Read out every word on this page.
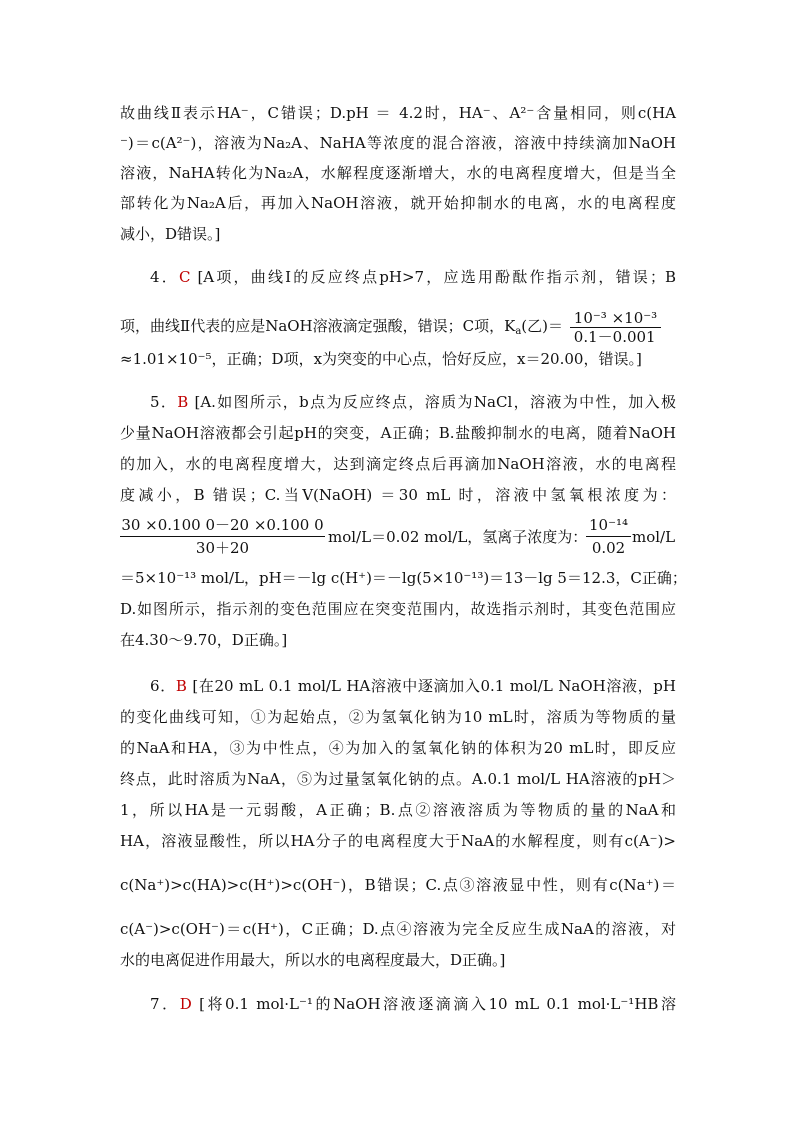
故曲线Ⅱ表示HA⁻，C错误；D.pH ＝ 4.2时，HA⁻、A²⁻含量相同，则c(HA
⁻)＝c(A²⁻)，溶液为Na₂A、NaHA等浓度的混合溶液，溶液中持续滴加NaOH
溶液，NaHA转化为Na₂A，水解程度逐渐增大，水的电离程度增大，但是当全
部转化为Na₂A后，再加入NaOH溶液，就开始抑制水的电离，水的电离程度
减小，D错误。]
4．C [A项，曲线Ⅰ的反应终点pH>7，应选用酚酞作指示剂，错误；B
项，曲线Ⅱ代表的应是NaOH溶液滴定强酸，错误；C项，$K_a$(乙)＝ $\frac{\text{10⁻³ ×10⁻³}}{0.1-0.001}$
≈1.01×10⁻⁵，正确；D项，x为突变的中心点，恰好反应，x＝20.00，错误。]
5．B [A.如图所示，b点为反应终点，溶质为NaCl，溶液为中性，加入极
少量NaOH溶液都会引起pH的突变，A正确；B.盐酸抑制水的电离，随着NaOH
的加入，水的电离程度增大，达到滴定终点后再滴加NaOH溶液，水的电离程
度减小，B 错误；C.当V(NaOH) ＝30 mL 时，溶液中氢氧根浓度为：
$\frac{30 \times 0.100 0-20 \times 0.100 0}{30+20} mol/L=0.02$ mol/L，氢离子浓度为：
$\frac{\text{10⁻¹⁴}}{0.02} mol/L$
＝5×10⁻¹³ mol/L，pH＝－lg c(H⁺)＝－lg(5×10⁻¹³)＝13－lg 5＝12.3，C正确；
D.如图所示，指示剂的变色范围应在突变范围内，故选指示剂时，其变色范围应
在4.30～9.70，D正确。]
6．B [在20 mL 0.1 mol/L HA溶液中逐滴加入0.1 mol/L NaOH溶液，pH
的变化曲线可知，①为起始点，②为氢氧化钠为10 mL时，溶质为等物质的量
的NaA和HA，③为中性点，④为加入的氢氧化钠的体积为20 mL时，即反应
终点，此时溶质为NaA，⑤为过量氢氧化钠的点。A.0.1 mol/L HA溶液的pH＞
1，所以HA是一元弱酸，A正确；B.点②溶液溶质为等物质的量的NaA和
HA，溶液显酸性，所以HA分子的电离程度大于NaA的水解程度，则有c(A⁻)>
c(Na⁺)>c(HA)>c(H⁺)>c(OH⁻)，B错误；C.点③溶液显中性，则有c(Na⁺)＝
c(A⁻)>c(OH⁻)＝c(H⁺)，C正确；D.点④溶液为完全反应生成NaA的溶液，对
水的电离促进作用最大，所以水的电离程度最大，D正确。]
7．D [将0.1 mol·L⁻¹的NaOH溶液逐滴滴入10 mL 0.1 mol·L⁻¹HB溶
